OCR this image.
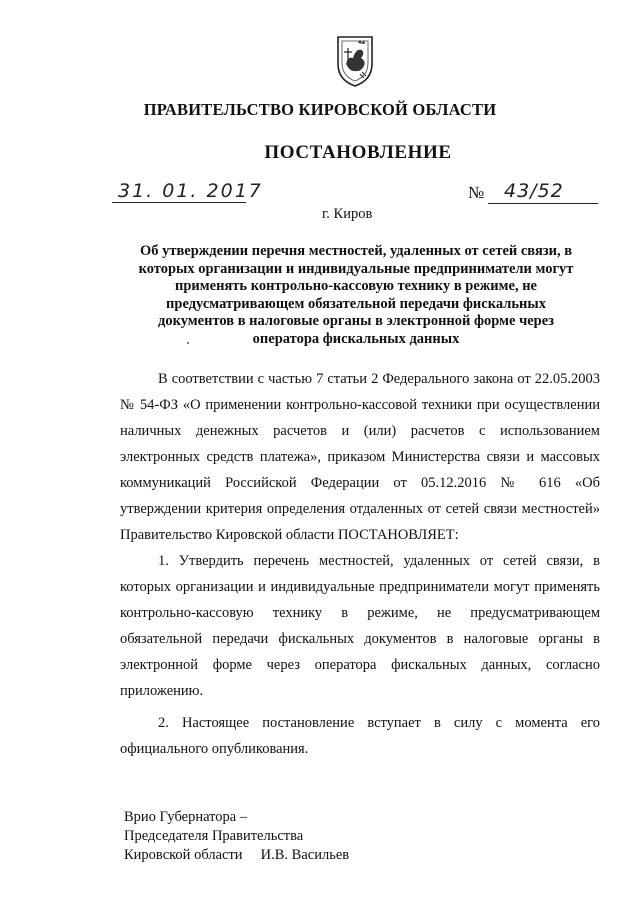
ПРАВИТЕЛЬСТВО КИРОВСКОЙ ОБЛАСТИ
ПОСТАНОВЛЕНИЕ
31. 01. 2017	№ 43/52
г. Киров
Об утверждении перечня местностей, удаленных от сетей связи, в которых организации и индивидуальные предприниматели могут применять контрольно-кассовую технику в режиме, не предусматривающем обязательной передачи фискальных документов в налоговые органы в электронной форме через оператора фискальных данных
В соответствии с частью 7 статьи 2 Федерального закона от 22.05.2003 № 54-ФЗ «О применении контрольно-кассовой техники при осуществлении наличных денежных расчетов и (или) расчетов с использованием электронных средств платежа», приказом Министерства связи и массовых коммуникаций Российской Федерации от 05.12.2016 № 616 «Об утверждении критерия определения отдаленных от сетей связи местностей» Правительство Кировской области ПОСТАНОВЛЯЕТ:
1. Утвердить перечень местностей, удаленных от сетей связи, в которых организации и индивидуальные предприниматели могут применять контрольно-кассовую технику в режиме, не предусматривающем обязательной передачи фискальных документов в налоговые органы в электронной форме через оператора фискальных данных, согласно приложению.
2. Настоящее постановление вступает в силу с момента его официального опубликования.
Врио Губернатора –
Председателя Правительства
Кировской области     И.В. Васильев
